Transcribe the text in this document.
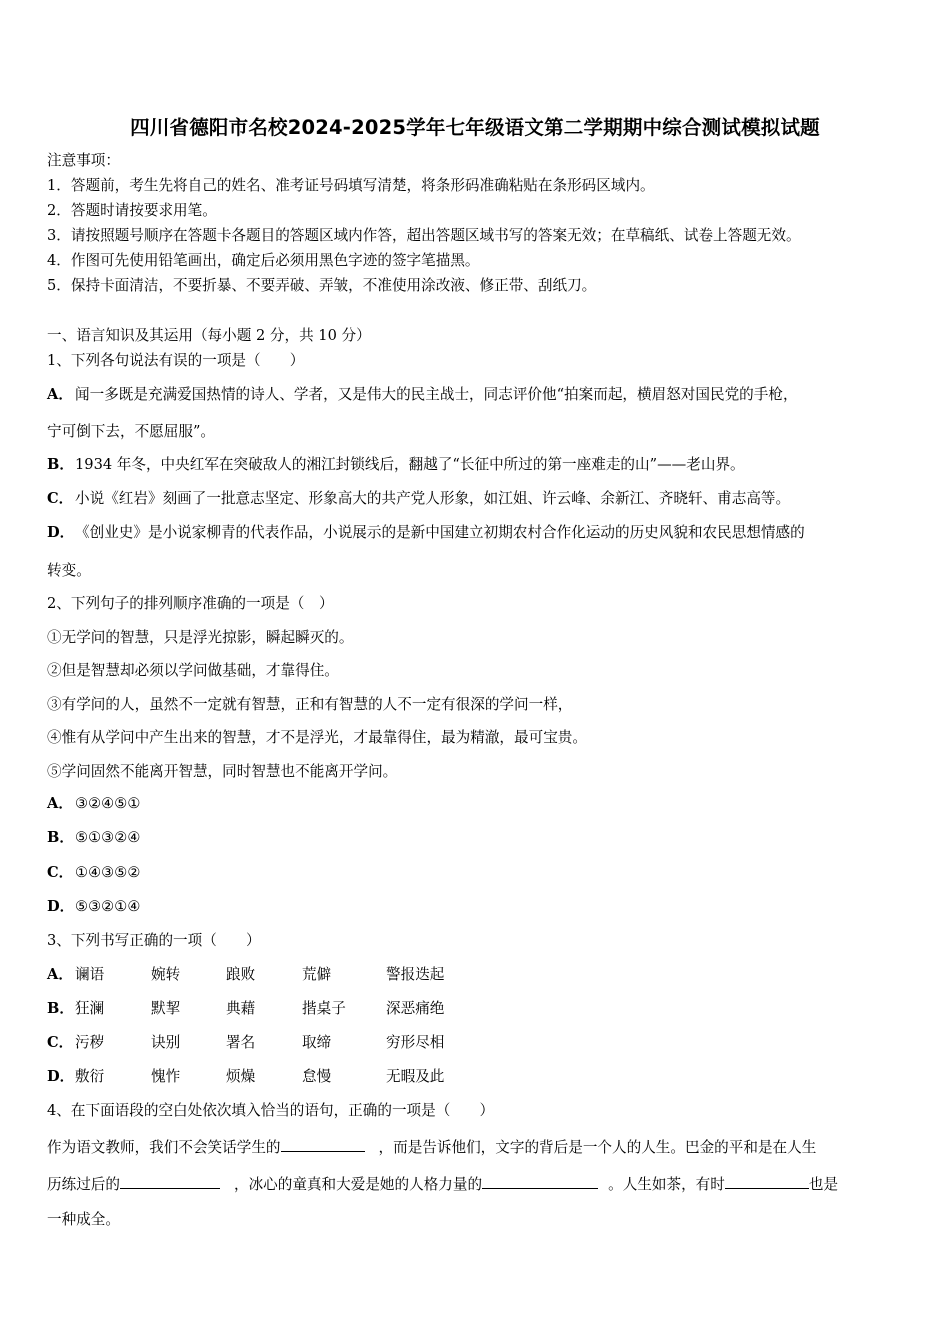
四川省德阳市名校2024-2025学年七年级语文第二学期期中综合测试模拟试题
注意事项：
1．答题前，考生先将自己的姓名、准考证号码填写清楚，将条形码准确粘贴在条形码区域内。
2．答题时请按要求用笔。
3．请按照题号顺序在答题卡各题目的答题区域内作答，超出答题区域书写的答案无效；在草稿纸、试卷上答题无效。
4．作图可先使用铅笔画出，确定后必须用黑色字迹的签字笔描黑。
5．保持卡面清洁，不要折暴、不要弄破、弄皱，不准使用涂改液、修正带、刮纸刀。
一、语言知识及其运用（每小题 2 分，共 10 分）
1、下列各句说法有误的一项是（　　）
A． 闻一多既是充满爱国热情的诗人、学者，又是伟大的民主战士，同志评价他“拍案而起，横眉怒对国民党的手枪，
宁可倒下去，不愿屈服”。
B．1934 年冬，中央红军在突破敌人的湘江封锁线后，翻越了“长征中所过的第一座难走的山”——老山界。
C． 小说《红岩》刻画了一批意志坚定、形象高大的共产党人形象，如江姐、许云峰、余新江、齐晓轩、甫志高等。
D．《创业史》是小说家柳青的代表作品，小说展示的是新中国建立初期农村合作化运动的历史风貌和农民思想情感的
转变。
2、下列句子的排列顺序准确的一项是（　）
①无学问的智慧，只是浮光掠影，瞬起瞬灭的。
②但是智慧却必须以学问做基础，才靠得住。
③有学问的人，虽然不一定就有智慧，正和有智慧的人不一定有很深的学问一样，
④惟有从学问中产生出来的智慧，才不是浮光，才最靠得住，最为精澈，最可宝贵。
⑤学问固然不能离开智慧，同时智慧也不能离开学问。
A． ③②④⑤①
B．⑤①③②④
C． ①④③⑤②
D．⑤③②①④
3、下列书写正确的一项（　　）
A． 谰语	婉转	踉败	荒僻	警报迭起
B．狂澜	默挈	典藉	揩桌子	深恶痛绝
C． 污秽	诀别	署名	取缔	穷形尽相
D．敷衍	愧怍	烦燥	怠慢	无暇及此
4、在下面语段的空白处依次填入恰当的语句，正确的一项是（　　）
作为语文教师，我们不会笑话学生的	，而是告诉他们，文字的背后是一个人的人生。巴金的平和是在人生
历练过后的	，冰心的童真和大爱是她的人格力量的	。人生如茶，有时	也是
一种成全。
